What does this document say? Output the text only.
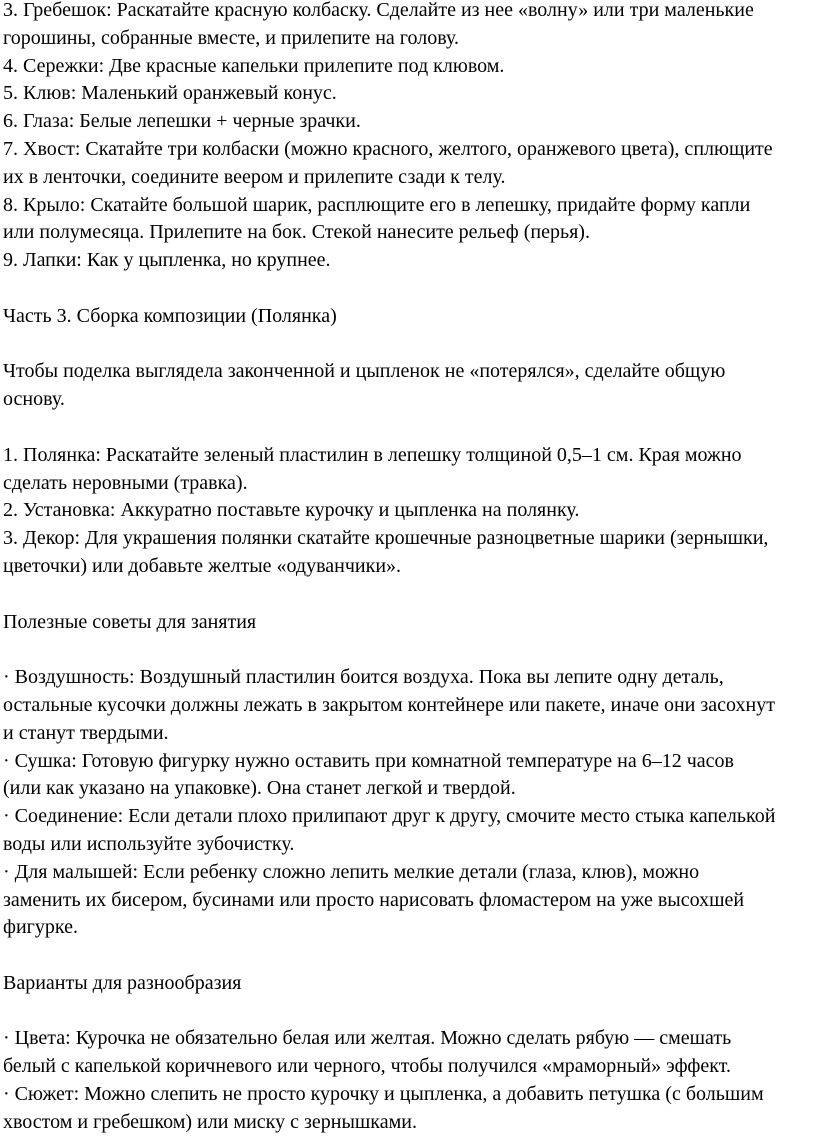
3. Гребешок: Раскатайте красную колбаску. Сделайте из нее «волну» или три маленькие
горошины, собранные вместе, и прилепите на голову.

4. Сережки: Две красные капельки прилепите под клювом.

5. Клюв: Маленький оранжевый конус.

6. Глаза: Белые лепешки + черные зрачки.

7. Хвост: Скатайте три колбаски (можно красного, желтого, оранжевого цвета), сплющите
их в ленточки, соедините веером и прилепите сзади к телу.

8. Крыло: Скатайте большой шарик, расплющите его в лепешку, придайте форму капли
или полумесяца. Прилепите на бок. Стекой нанесите рельеф (перья).

9. Лапки: Как у цыпленка, но крупнее.

Часть 3. Сборка композиции (Полянка)

Чтобы поделка выглядела законченной и цыпленок не «потерялся», сделайте общую
основу.

1. Полянка: Раскатайте зеленый пластилин в лепешку толщиной 0,5–1 см. Края можно
сделать неровными (травка).

2. Установка: Аккуратно поставьте курочку и цыпленка на полянку.

3. Декор: Для украшения полянки скатайте крошечные разноцветные шарики (зернышки,
цветочки) или добавьте желтые «одуванчики».

Полезные советы для занятия

· Воздушность: Воздушный пластилин боится воздуха. Пока вы лепите одну деталь,
остальные кусочки должны лежать в закрытом контейнере или пакете, иначе они засохнут
и станут твердыми.

· Сушка: Готовую фигурку нужно оставить при комнатной температуре на 6–12 часов
(или как указано на упаковке). Она станет легкой и твердой.

· Соединение: Если детали плохо прилипают друг к другу, смочите место стыка капелькой
воды или используйте зубочистку.

· Для малышей: Если ребенку сложно лепить мелкие детали (глаза, клюв), можно
заменить их бисером, бусинами или просто нарисовать фломастером на уже высохшей
фигурке.

Варианты для разнообразия

· Цвета: Курочка не обязательно белая или желтая. Можно сделать рябую — смешать
белый с капелькой коричневого или черного, чтобы получился «мраморный» эффект.

· Сюжет: Можно слепить не просто курочку и цыпленка, а добавить петушка (с большим
хвостом и гребешком) или миску с зернышками.
